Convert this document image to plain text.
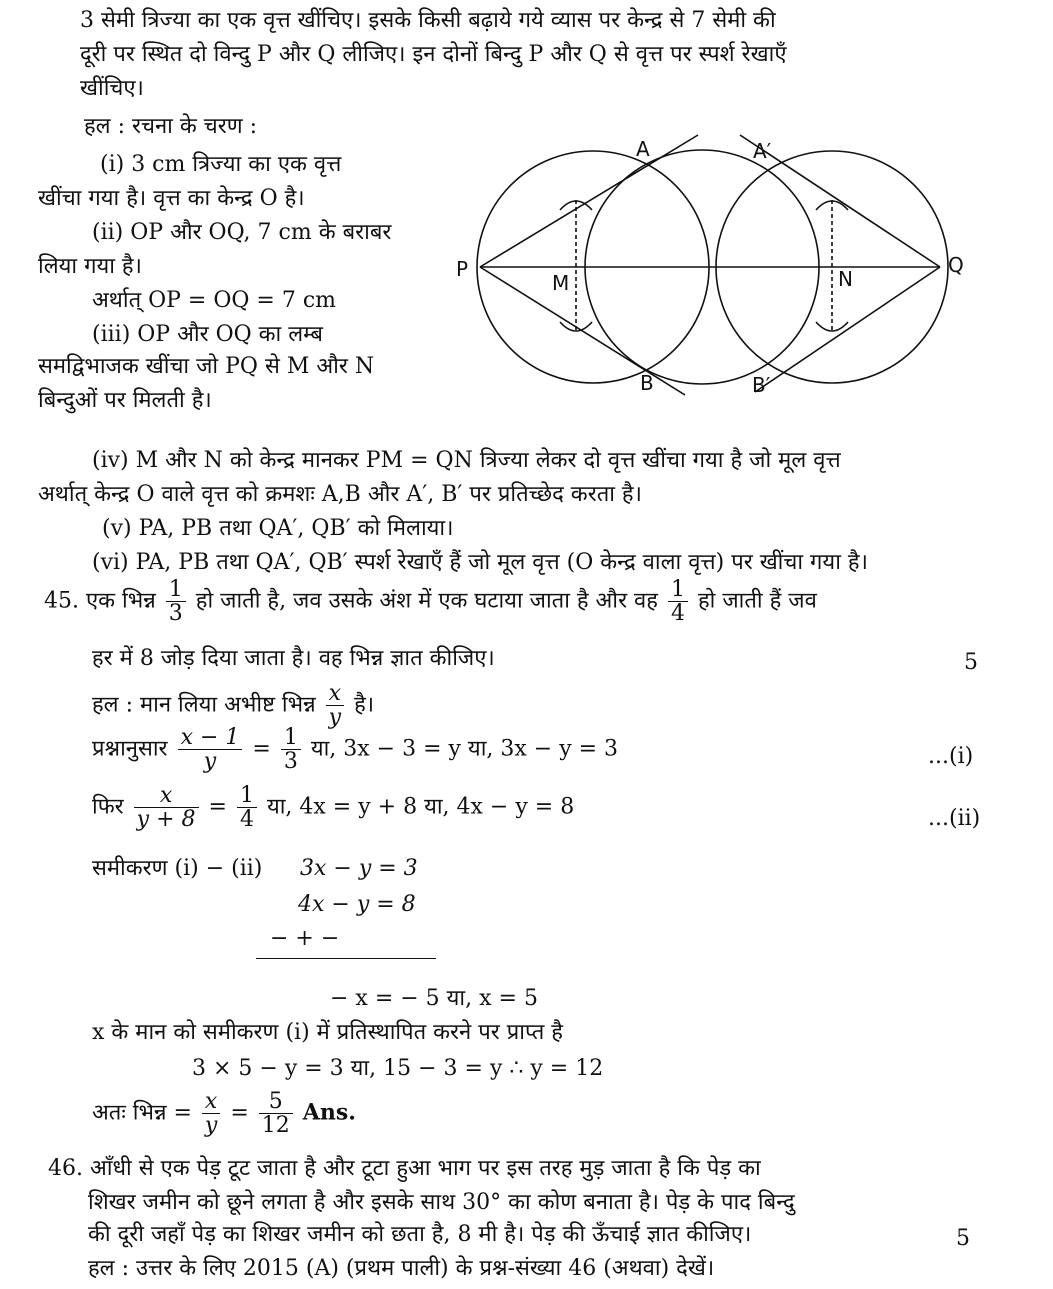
3 सेमी त्रिज्या का एक वृत्त खींचिए। इसके किसी बढ़ाये गये व्यास पर केन्द्र से 7 सेमी की
दूरी पर स्थित दो विन्दु P और Q लीजिए। इन दोनों बिन्दु P और Q से वृत्त पर स्पर्श रेखाएँ
खींचिए।
हल : रचना के चरण :
(i) 3 cm त्रिज्या का एक वृत्त
खींचा गया है। वृत्त का केन्द्र O है।
(ii) OP और OQ, 7 cm के बराबर
लिया गया है।
अर्थात् OP = OQ = 7 cm
(iii) OP और OQ का लम्ब
समद्विभाजक खींचा जो PQ से M और N
बिन्दुओं पर मिलती है।
A	A′
P	Q
M	N
B	B′
(iv) M और N को केन्द्र मानकर PM = QN त्रिज्या लेकर दो वृत्त खींचा गया है जो मूल वृत्त
अर्थात् केन्द्र O वाले वृत्त को क्रमशः A,B और A′, B′ पर प्रतिच्छेद करता है।
(v) PA, PB तथा QA′, QB′ को मिलाया।
(vi) PA, PB तथा QA′, QB′ स्पर्श रेखाएँ हैं जो मूल वृत्त (O केन्द्र वाला वृत्त) पर खींचा गया है।
45. एक भिन्न $\frac{1}{3}$ हो जाती है, जव उसके अंश में एक घटाया जाता है और वह $\frac{1}{4}$ हो जाती हैं जव
हर में 8 जोड़ दिया जाता है। वह भिन्न ज्ञात कीजिए।	5
हल : मान लिया अभीष्ट भिन्न $\frac{x}{y}$ है।
प्रश्नानुसार $\frac{x - 1}{y} = \frac{1}{3}$ या, 3x − 3 = y या, 3x − y = 3	...(i)
फिर $\frac{x}{y + 8} = \frac{1}{4}$ या, 4x = y + 8 या, 4x − y = 8	...(ii)
समीकरण (i) − (ii) 3x − y = 3
4x − y = 8
− + −
− x = − 5 या, x = 5
x के मान को समीकरण (i) में प्रतिस्थापित करने पर प्राप्त है
3 × 5 − y = 3 या, 15 − 3 = y ∴ y = 12
अतः भिन्न = $\frac{x}{y} = \frac{5}{12}$ Ans.
46. आँधी से एक पेड़ टूट जाता है और टूटा हुआ भाग पर इस तरह मुड़ जाता है कि पेड़ का
शिखर जमीन को छूने लगता है और इसके साथ 30° का कोण बनाता है। पेड़ के पाद बिन्दु
की दूरी जहाँ पेड़ का शिखर जमीन को छता है, 8 मी है। पेड़ की ऊँचाई ज्ञात कीजिए।	5
हल : उत्तर के लिए 2015 (A) (प्रथम पाली) के प्रश्न-संख्या 46 (अथवा) देखें।
